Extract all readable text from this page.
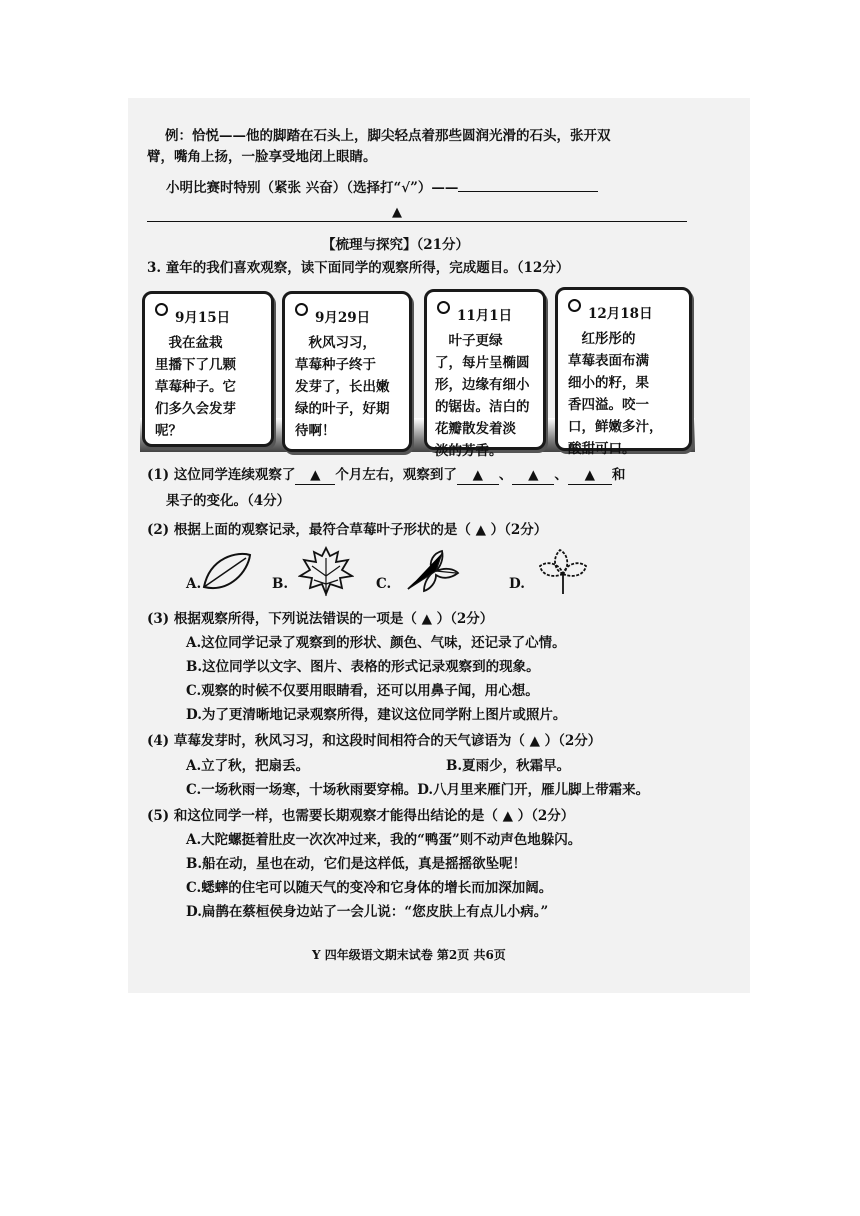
例：恰悦——他的脚踏在石头上，脚尖轻点着那些圆润光滑的石头，张开双
臂，嘴角上扬，一脸享受地闭上眼睛。
小明比赛时特别（紧张 兴奋）（选择打“√”）——
▲
【梳理与探究】（21分）
3. 童年的我们喜欢观察，读下面同学的观察所得，完成题目。（12分）
9月15日
　我在盆栽
里播下了几颗
草莓种子。它
们多久会发芽
呢？
9月29日
　秋风习习，
草莓种子终于
发芽了，长出嫩
绿的叶子，好期
待啊！
11月1日
　叶子更绿
了，每片呈椭圆
形，边缘有细小
的锯齿。洁白的
花瓣散发着淡
淡的芳香。
12月18日
　红彤彤的
草莓表面布满
细小的籽，果
香四溢。咬一
口，鲜嫩多汁，
酸甜可口。
(1) 这位同学连续观察了 ▲ 个月左右，观察到了 ▲ 、 ▲ 、 ▲ 和
果子的变化。（4分）
(2) 根据上面的观察记录，最符合草莓叶子形状的是（ ▲ ）（2分）
A.	B.	C.	D.
(3) 根据观察所得，下列说法错误的一项是（ ▲ ）（2分）
A.这位同学记录了观察到的形状、颜色、气味，还记录了心情。
B.这位同学以文字、图片、表格的形式记录观察到的现象。
C.观察的时候不仅要用眼睛看，还可以用鼻子闻，用心想。
D.为了更清晰地记录观察所得，建议这位同学附上图片或照片。
(4) 草莓发芽时，秋风习习，和这段时间相符合的天气谚语为（ ▲ ）（2分）
A.立了秋，把扇丢。	B.夏雨少，秋霜早。
C.一场秋雨一场寒，十场秋雨要穿棉。D.八月里来雁门开，雁儿脚上带霜来。
(5) 和这位同学一样，也需要长期观察才能得出结论的是（ ▲ ）（2分）
A.大陀螺挺着肚皮一次次冲过来，我的“鸭蛋”则不动声色地躲闪。
B.船在动，星也在动，它们是这样低，真是摇摇欲坠呢！
C.蟋蟀的住宅可以随天气的变冷和它身体的增长而加深加阔。
D.扁鹊在蔡桓侯身边站了一会儿说：“您皮肤上有点儿小病。”
Y 四年级语文期末试卷 第2页 共6页
